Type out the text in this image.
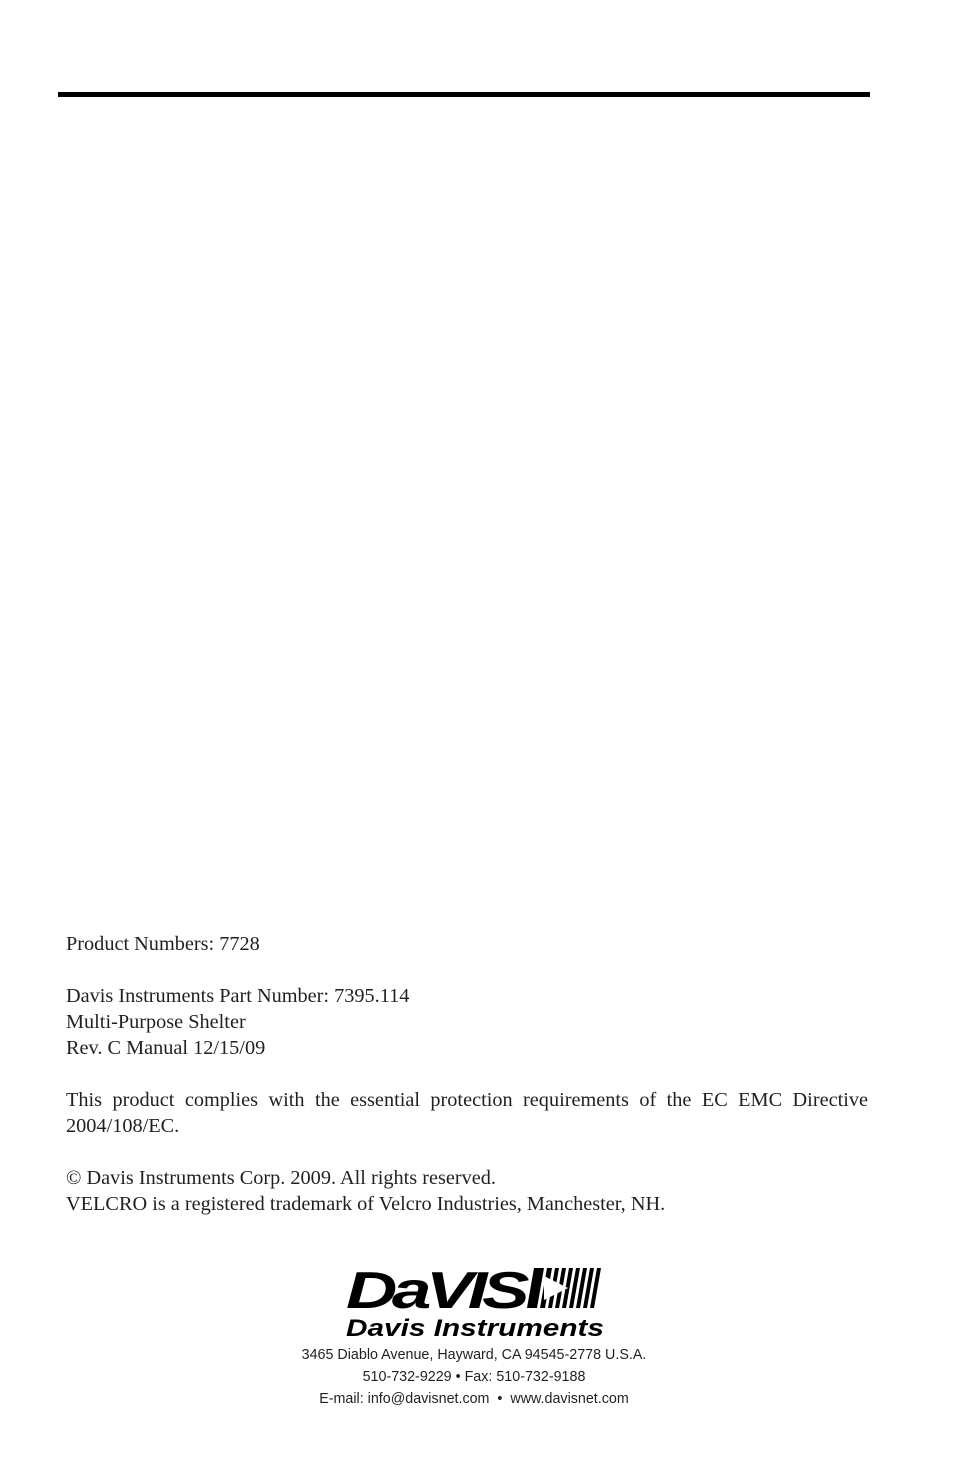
Product Numbers: 7728

Davis Instruments Part Number: 7395.114

Multi-Purpose Shelter

Rev. C Manual 12/15/09

This product complies with the essential protection requirements of the EC EMC Directive 2004/108/EC.

© Davis Instruments Corp. 2009. All rights reserved.

VELCRO is a registered trademark of Velcro Industries, Manchester, NH.

DaVIS
Davis Instruments

3465 Diablo Avenue, Hayward, CA 94545-2778 U.S.A.

510-732-9229 • Fax: 510-732-9188

E-mail: info@davisnet.com  •  www.davisnet.com
